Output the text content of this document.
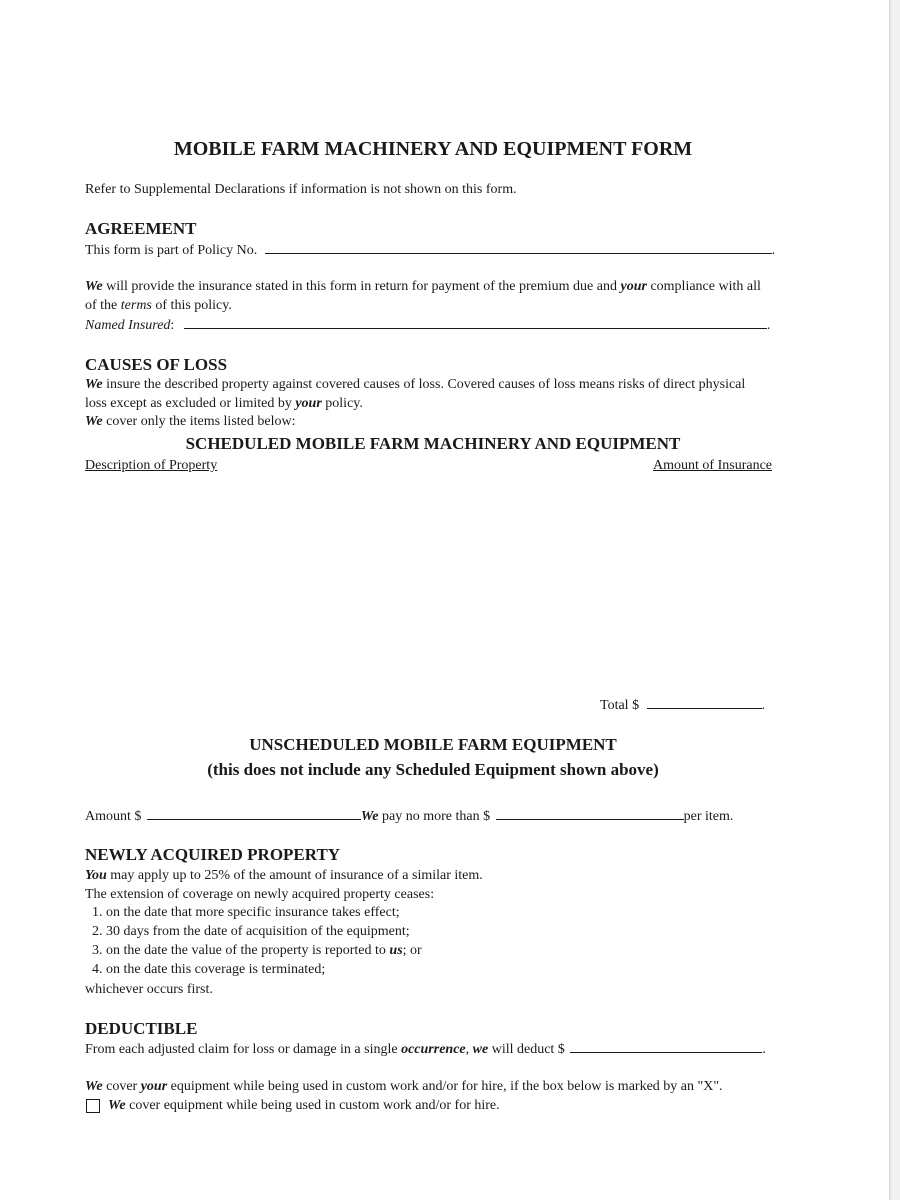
MOBILE FARM MACHINERY AND EQUIPMENT FORM
Refer to Supplemental Declarations if information is not shown on this form.
AGREEMENT
This form is part of Policy No.	.
We will provide the insurance stated in this form in return for payment of the premium due and your compliance with all
of the terms of this policy.
Named Insured:	.
CAUSES OF LOSS
We insure the described property against covered causes of loss. Covered causes of loss means risks of direct physical
loss except as excluded or limited by your policy.
We cover only the items listed below:
SCHEDULED MOBILE FARM MACHINERY AND EQUIPMENT
Description of Property	Amount of Insurance
Total $	.
UNSCHEDULED MOBILE FARM EQUIPMENT
(this does not include any Scheduled Equipment shown above)
Amount $	We pay no more than $	per item.
NEWLY ACQUIRED PROPERTY
You may apply up to 25% of the amount of insurance of a similar item.
The extension of coverage on newly acquired property ceases:
1. on the date that more specific insurance takes effect;
2. 30 days from the date of acquisition of the equipment;
3. on the date the value of the property is reported to us; or
4. on the date this coverage is terminated;
whichever occurs first.
DEDUCTIBLE
From each adjusted claim for loss or damage in a single occurrence, we will deduct $	.
We cover your equipment while being used in custom work and/or for hire, if the box below is marked by an "X".
We cover equipment while being used in custom work and/or for hire.
